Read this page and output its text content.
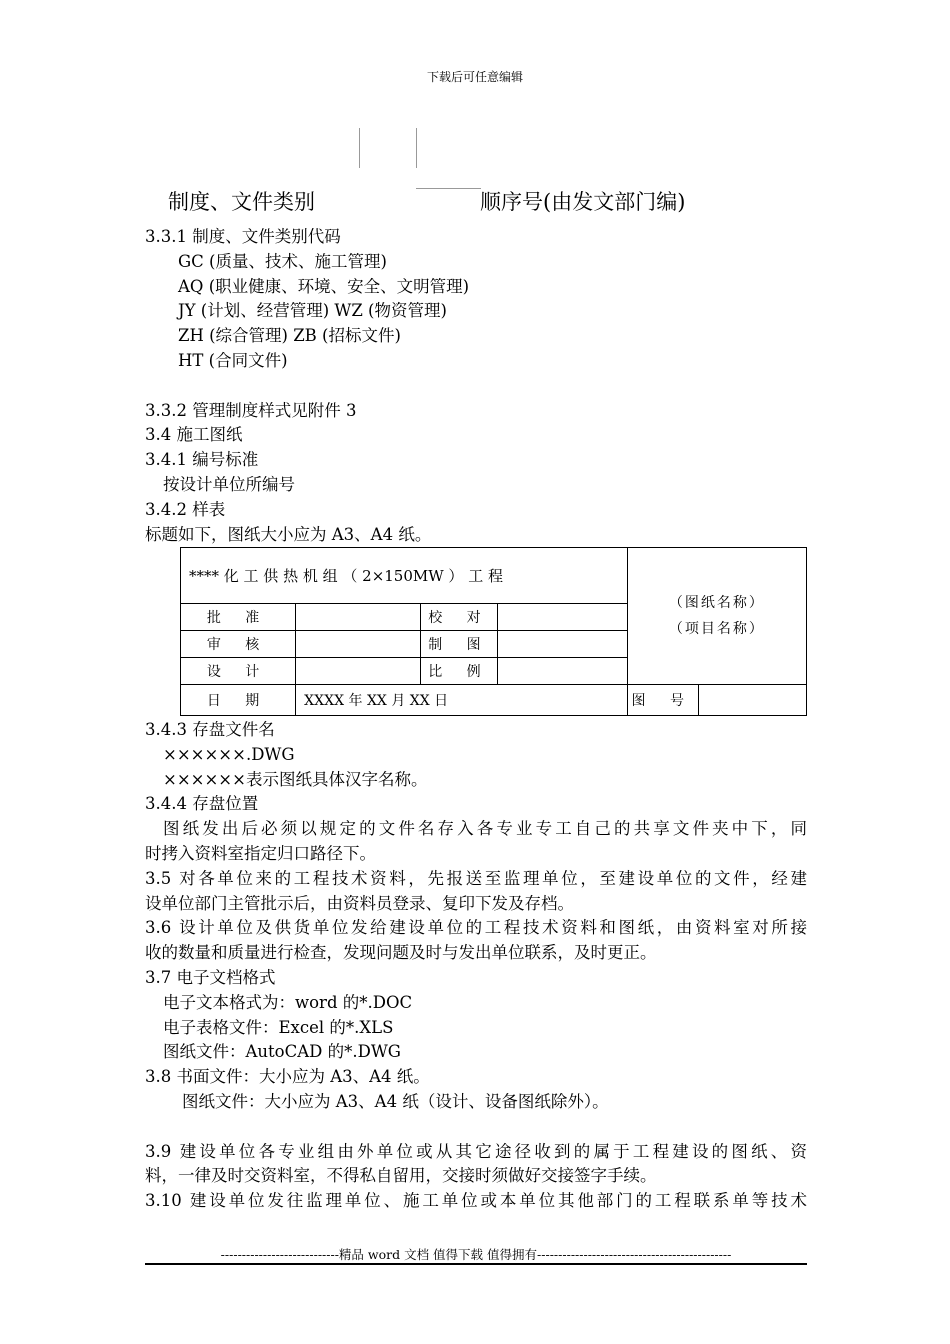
下载后可任意编辑
制度、文件类别	顺序号(由发文部门编)
3.3.1 制度、文件类别代码
GC (质量、技术、施工管理)
AQ (职业健康、环境、安全、文明管理)
JY (计划、经营管理) WZ (物资管理)
ZH (综合管理) ZB (招标文件)
HT (合同文件)
3.3.2 管理制度样式见附件 3
3.4 施工图纸
3.4.1 编号标准
按设计单位所编号
3.4.2 样表
标题如下，图纸大小应为 A3、A4 纸。
**** 化 工 供 热 机 组 （ 2×150MW ） 工 程				（图纸名称）
（项目名称）	

批 准		校 对			
审 核		制 图			
设 计		比 例			
日 期	XXXX 年 XX 月 XX 日			图 号	
3.4.3 存盘文件名
××××××.DWG
××××××表示图纸具体汉字名称。
3.4.4 存盘位置
图纸发出后必须以规定的文件名存入各专业专工自己的共享文件夹中下，同
时拷入资料室指定归口路径下。
3.5 对各单位来的工程技术资料，先报送至监理单位，至建设单位的文件，经建
设单位部门主管批示后，由资料员登录、复印下发及存档。
3.6 设计单位及供货单位发给建设单位的工程技术资料和图纸，由资料室对所接
收的数量和质量进行检查，发现问题及时与发出单位联系，及时更正。
3.7 电子文档格式
电子文本格式为：word 的*.DOC
电子表格文件：Excel 的*.XLS
图纸文件：AutoCAD 的*.DWG
3.8 书面文件：大小应为 A3、A4 纸。
图纸文件：大小应为 A3、A4 纸（设计、设备图纸除外）。
3.9 建设单位各专业组由外单位或从其它途径收到的属于工程建设的图纸、资
料，一律及时交资料室，不得私自留用，交接时须做好交接签字手续。
3.10 建设单位发往监理单位、施工单位或本单位其他部门的工程联系单等技术
----------------------------精品 word 文档 值得下载 值得拥有----------------------------------------------
